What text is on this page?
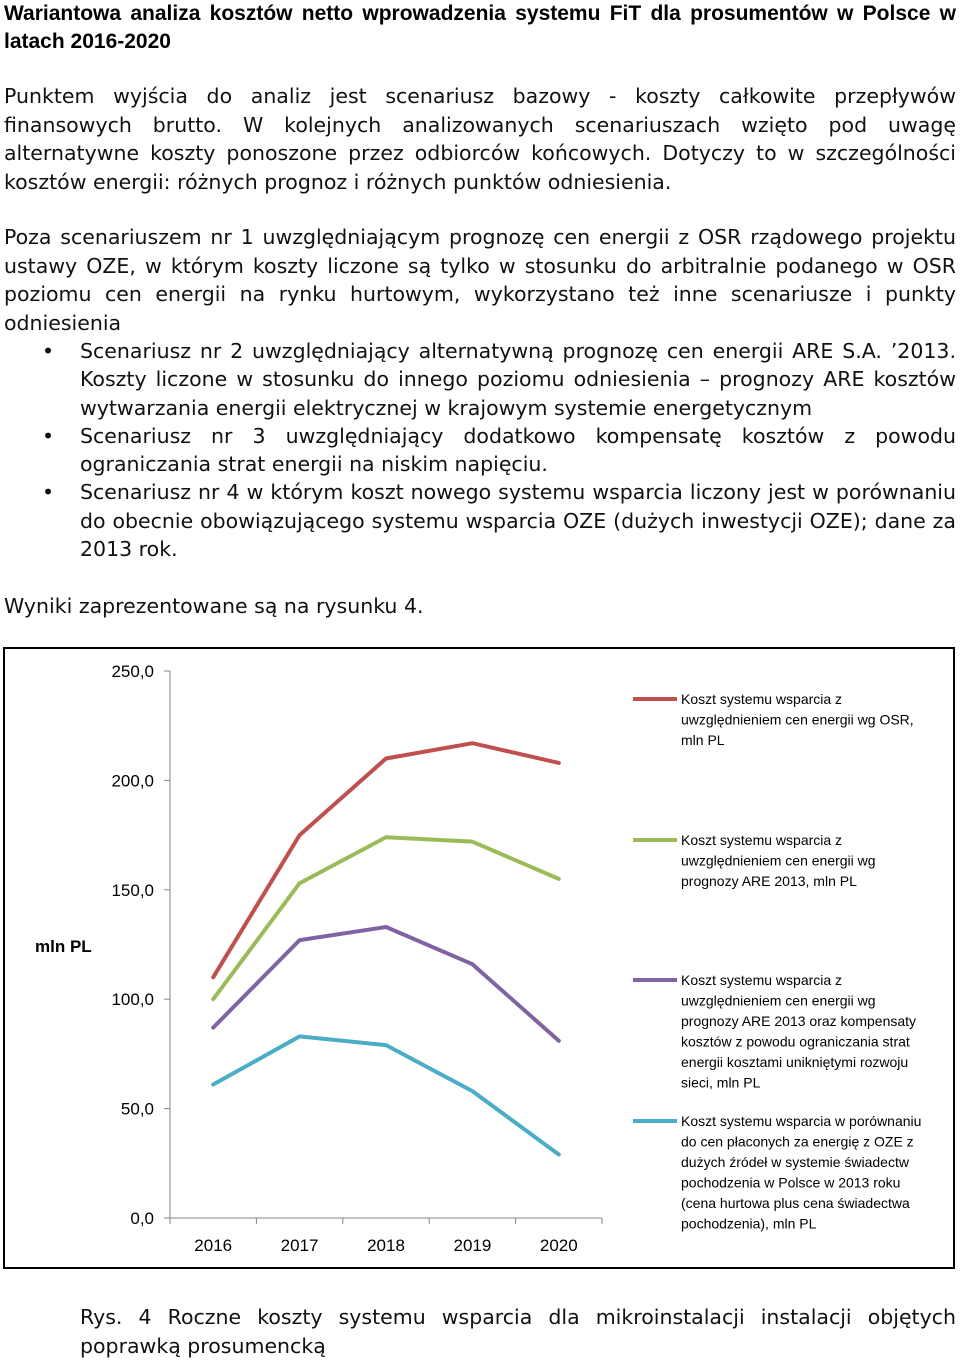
Wariantowa analiza kosztów netto wprowadzenia systemu FiT dla prosumentów w Polsce w latach 2016-2020

Punktem wyjścia do analiz jest scenariusz bazowy - koszty całkowite przepływów finansowych brutto. W kolejnych analizowanych scenariuszach wzięto pod uwagę alternatywne koszty ponoszone przez odbiorców końcowych. Dotyczy to w szczególności kosztów energii: różnych prognoz i różnych punktów odniesienia.

Poza scenariuszem nr 1 uwzględniającym prognozę cen energii z OSR rządowego projektu ustawy OZE, w którym koszty liczone są tylko w stosunku do arbitralnie podanego w OSR poziomu cen energii na rynku hurtowym, wykorzystano też inne scenariusze i punkty odniesienia

• Scenariusz nr 2 uwzględniający alternatywną prognozę cen energii ARE S.A. ’2013. Koszty liczone w stosunku do innego poziomu odniesienia – prognozy ARE kosztów wytwarzania energii elektrycznej w krajowym systemie energetycznym
• Scenariusz nr 3 uwzględniający dodatkowo kompensatę kosztów z powodu ograniczania strat energii na niskim napięciu.
• Scenariusz nr 4 w którym koszt nowego systemu wsparcia liczony jest w porównaniu do obecnie obowiązującego systemu wsparcia OZE (dużych inwestycji OZE); dane za 2013 rok.

Wyniki zaprezentowane są na rysunku 4.

0,0
50,0
100,0
150,0
200,0
250,0
2016	2017	2018	2019	2020
mln PL
Koszt systemu wsparcia z uwzględnieniem cen energii wg OSR, mln PL
Koszt systemu wsparcia z uwzględnieniem cen energii wg prognozy ARE 2013, mln PL
Koszt systemu wsparcia z uwzględnieniem cen energii wg prognozy ARE 2013 oraz kompensaty kosztów z powodu ograniczania strat energii kosztami unikniętymi rozwoju sieci, mln PL
Koszt systemu wsparcia w porównaniu do cen płaconych za energię z OZE z dużych źródeł w systemie świadectw pochodzenia w Polsce w 2013 roku (cena hurtowa plus cena świadectwa pochodzenia), mln PL

Rys. 4 Roczne koszty systemu wsparcia dla mikroinstalacji instalacji objętych poprawką prosumencką
